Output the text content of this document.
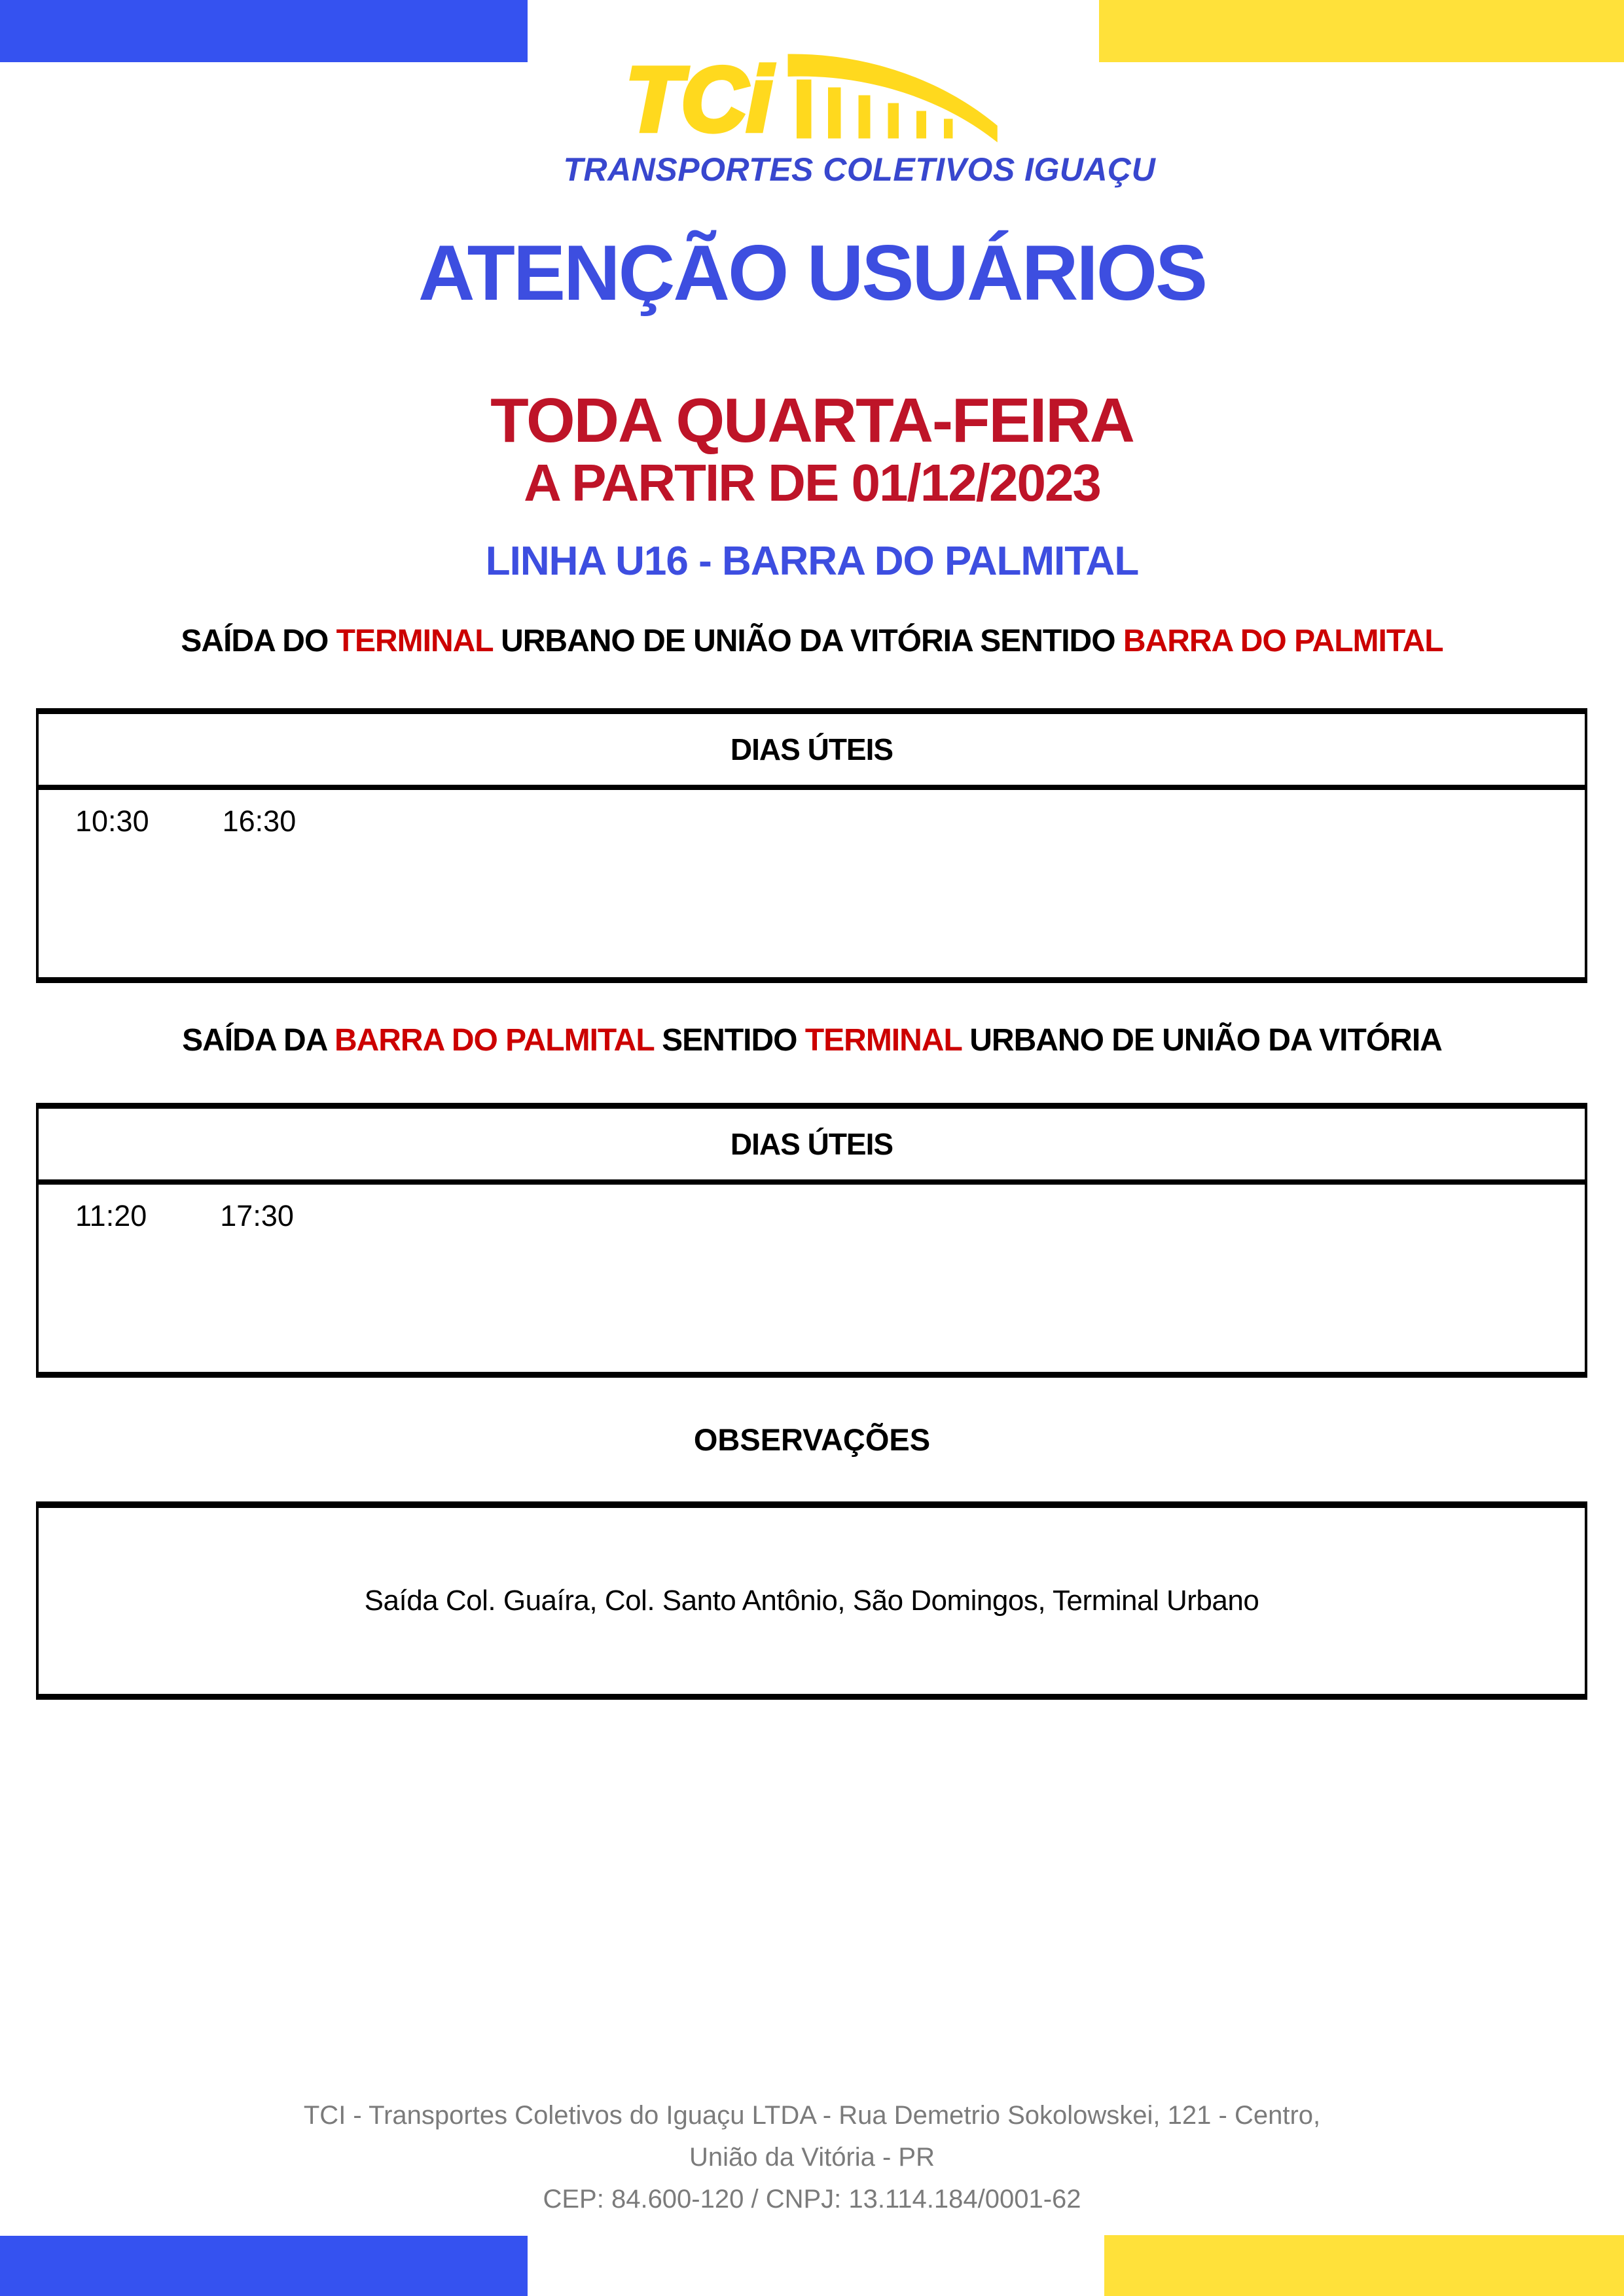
TCi
TRANSPORTES COLETIVOS IGUAÇU
ATENÇÃO USUÁRIOS
TODA QUARTA-FEIRA
A PARTIR DE 01/12/2023
LINHA U16 - BARRA DO PALMITAL
SAÍDA DO TERMINAL URBANO DE UNIÃO DA VITÓRIA SENTIDO BARRA DO PALMITAL
DIAS ÚTEIS
10:30 16:30
SAÍDA DA BARRA DO PALMITAL SENTIDO TERMINAL URBANO DE UNIÃO DA VITÓRIA
DIAS ÚTEIS
11:20 17:30
OBSERVAÇÕES
Saída Col. Guaíra, Col. Santo Antônio, São Domingos, Terminal Urbano
TCI - Transportes Coletivos do Iguaçu LTDA - Rua Demetrio Sokolowskei, 121 - Centro,
União da Vitória - PR
CEP: 84.600-120 / CNPJ: 13.114.184/0001-62
